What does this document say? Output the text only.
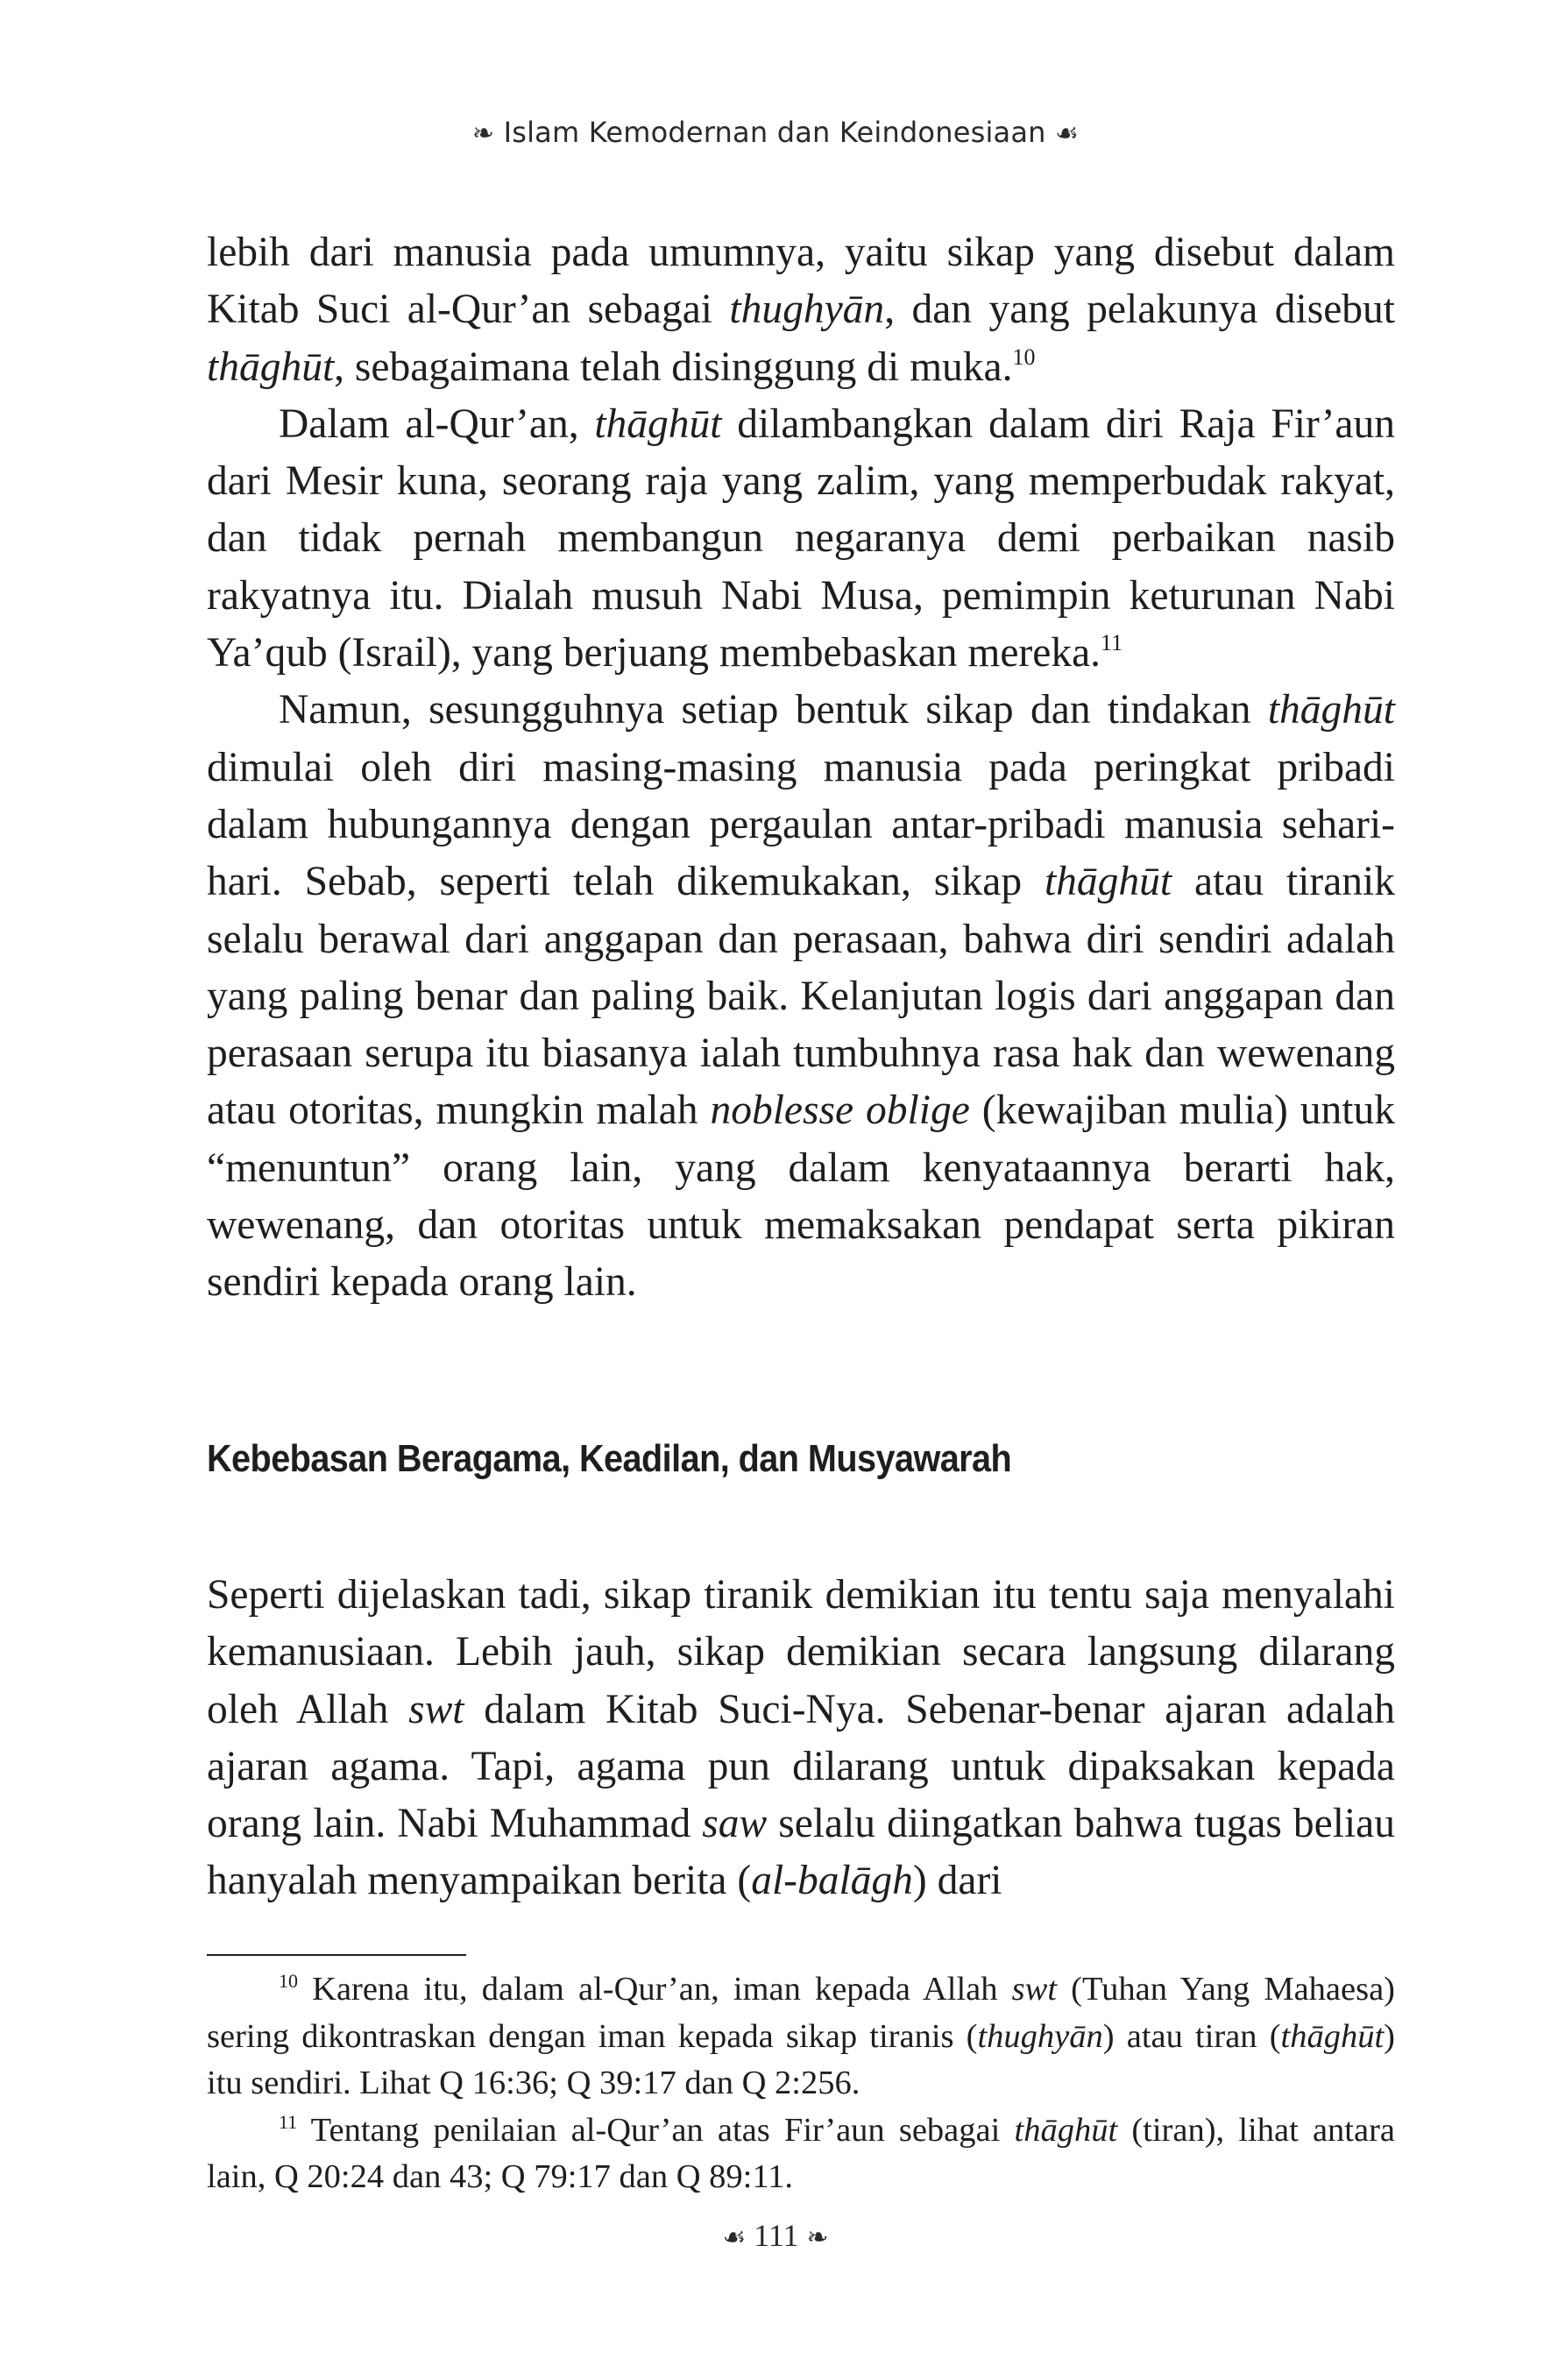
❧ Islam Kemodernan dan Keindonesiaan ☙

lebih dari manusia pada umumnya, yaitu sikap yang disebut dalam Kitab Suci al-Qur’an sebagai thughyān, dan yang pelakunya disebut thāghūt, sebagaimana telah disinggung di muka.$^{10}$

Dalam al-Qur’an, thāghūt dilambangkan dalam diri Raja Fir’aun dari Mesir kuna, seorang raja yang zalim, yang memperbudak rakyat, dan tidak pernah membangun negaranya demi perbaikan nasib rakyatnya itu. Dialah musuh Nabi Musa, pemimpin keturunan Nabi Ya’qub (Israil), yang berjuang membebaskan mereka.$^{11}$

Namun, sesungguhnya setiap bentuk sikap dan tindakan thāghūt dimulai oleh diri masing-masing manusia pada peringkat pribadi dalam hubungannya dengan pergaulan antar-pribadi manusia sehari-hari. Sebab, seperti telah dikemukakan, sikap thāghūt atau tiranik selalu berawal dari anggapan dan perasaan, bahwa diri sendiri adalah yang paling benar dan paling baik. Kelanjutan logis dari anggapan dan perasaan serupa itu biasanya ialah tumbuhnya rasa hak dan wewenang atau otoritas, mungkin malah noblesse oblige (kewajiban mulia) untuk “menuntun” orang lain, yang dalam kenyataannya berarti hak, wewenang, dan otoritas untuk memaksakan pendapat serta pikiran sendiri kepada orang lain.

Kebebasan Beragama, Keadilan, dan Musyawarah

Seperti dijelaskan tadi, sikap tiranik demikian itu tentu saja menyalahi kemanusiaan. Lebih jauh, sikap demikian secara langsung dilarang oleh Allah swt dalam Kitab Suci-Nya. Sebenar-benar ajaran adalah ajaran agama. Tapi, agama pun dilarang untuk dipaksakan kepada orang lain. Nabi Muhammad saw selalu diingatkan bahwa tugas beliau hanyalah menyampaikan berita (al-balāgh) dari

$^{10}$ Karena itu, dalam al-Qur’an, iman kepada Allah swt (Tuhan Yang Mahaesa) sering dikontraskan dengan iman kepada sikap tiranis (thughyān) atau tiran (thāghūt) itu sendiri. Lihat Q 16:36; Q 39:17 dan Q 2:256.

$^{11}$ Tentang penilaian al-Qur’an atas Fir’aun sebagai thāghūt (tiran), lihat antara lain, Q 20:24 dan 43; Q 79:17 dan Q 89:11.

☙ 111 ❧
